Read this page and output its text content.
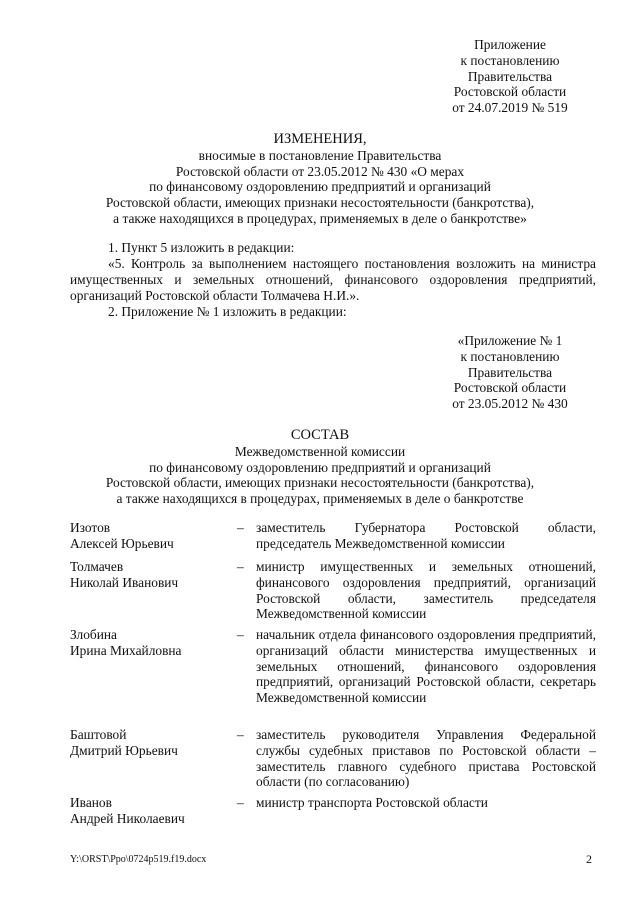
Приложение
к постановлению
Правительства
Ростовской области
от 24.07.2019 № 519
ИЗМЕНЕНИЯ,
вносимые в постановление Правительства
Ростовской области от 23.05.2012 № 430 «О мерах
по финансовому оздоровлению предприятий и организаций
Ростовской области, имеющих признаки несостоятельности (банкротства),
а также находящихся в процедурах, применяемых в деле о банкротстве»
1. Пункт 5 изложить в редакции:
«5. Контроль за выполнением настоящего постановления возложить на министра имущественных и земельных отношений, финансового оздоровления предприятий, организаций Ростовской области Толмачева Н.И.».
2. Приложение № 1 изложить в редакции:
«Приложение № 1
к постановлению
Правительства
Ростовской области
от 23.05.2012 № 430
СОСТАВ
Межведомственной комиссии
по финансовому оздоровлению предприятий и организаций
Ростовской области, имеющих признаки несостоятельности (банкротства),
а также находящихся в процедурах, применяемых в деле о банкротстве
Изотов
Алексей Юрьевич
– заместитель Губернатора Ростовской области, председатель Межведомственной комиссии
Толмачев
Николай Иванович
– министр имущественных и земельных отношений, финансового оздоровления предприятий, организаций Ростовской области, заместитель председателя Межведомственной комиссии
Злобина
Ирина Михайловна
– начальник отдела финансового оздоровления предприятий, организаций области министерства имущественных и земельных отношений, финансового оздоровления предприятий, организаций Ростовской области, секретарь Межведомственной комиссии
Баштовой
Дмитрий Юрьевич
– заместитель руководителя Управления Федеральной службы судебных приставов по Ростовской области – заместитель главного судебного пристава Ростовской области (по согласованию)
Иванов
Андрей Николаевич
– министр транспорта Ростовской области
Y:\ORST\Ppo\0724p519.f19.docx	2
